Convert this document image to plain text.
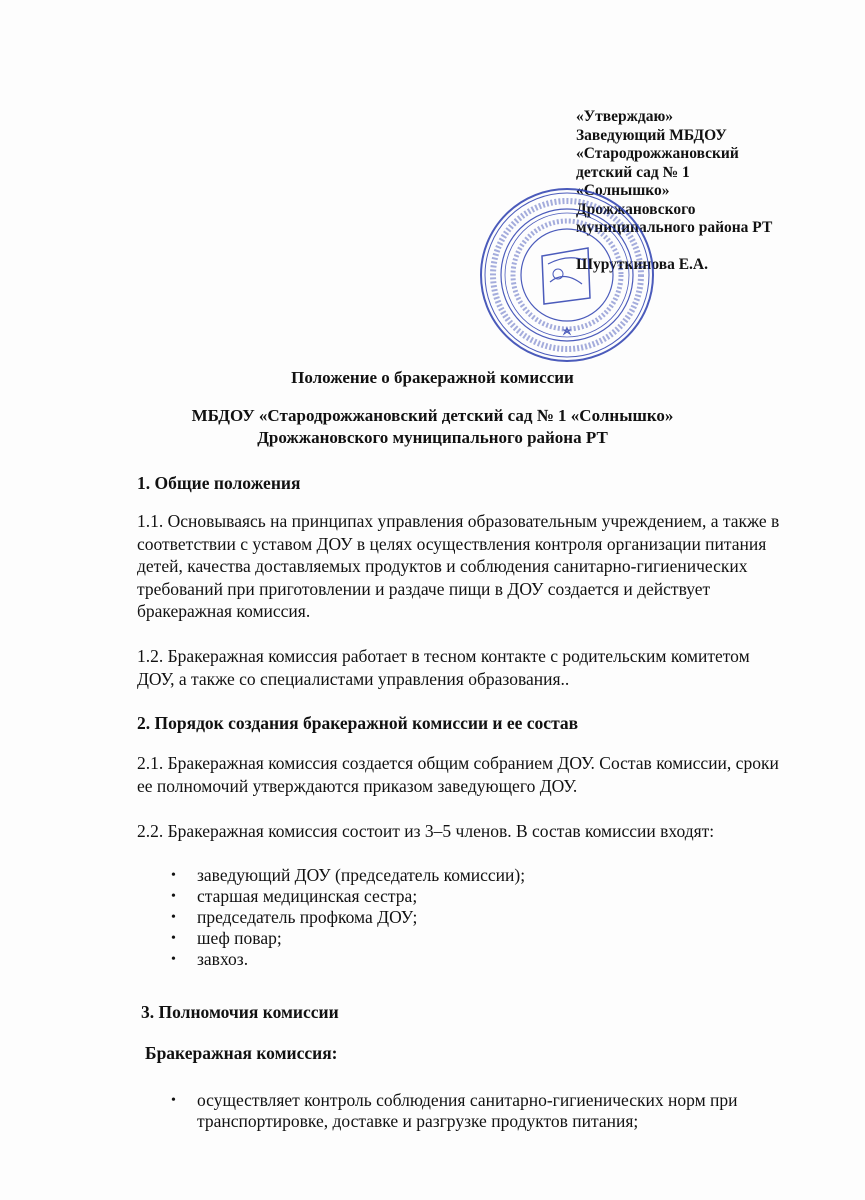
«Утверждаю»
Заведующий МБДОУ
«Стародрожжановский
детский сад № 1
«Солнышко»
Дрожжановского
муниципального района РТ
Шуруткинова Е.А.
Положение о бракеражной комиссии
МБДОУ «Стародрожжановский детский сад № 1 «Солнышко»
Дрожжановского муниципального района РТ
1. Общие положения
1.1. Основываясь на принципах управления образовательным учреждением, а также в соответствии с уставом ДОУ в целях осуществления контроля организации питания детей, качества доставляемых продуктов и соблюдения санитарно-гигиенических требований при приготовлении и раздаче пищи в ДОУ создается и действует бракеражная комиссия.
1.2. Бракеражная комиссия работает в тесном контакте с родительским комитетом ДОУ, а также со специалистами управления образования..
2. Порядок создания бракеражной комиссии и ее состав
2.1. Бракеражная комиссия создается общим собранием ДОУ. Состав комиссии, сроки ее полномочий утверждаются приказом заведующего ДОУ.
2.2. Бракеражная комиссия состоит из 3–5 членов. В состав комиссии входят:
• заведующий ДОУ (председатель комиссии);
• старшая медицинская сестра;
• председатель профкома ДОУ;
• шеф повар;
• завхоз.
3. Полномочия комиссии
Бракеражная комиссия:
• осуществляет контроль соблюдения санитарно-гигиенических норм при транспортировке, доставке и разгрузке продуктов питания;
